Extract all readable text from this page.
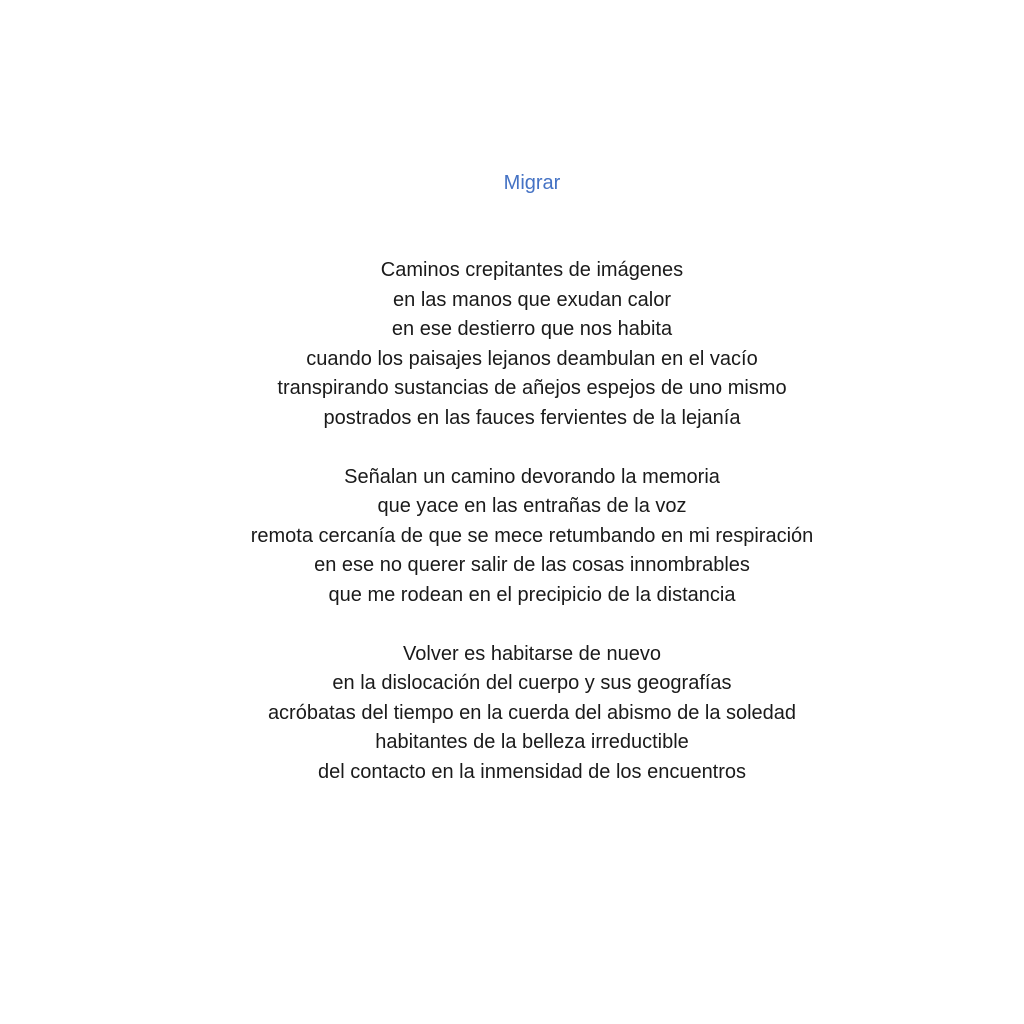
Migrar
Caminos crepitantes de imágenes
en las manos que exudan calor
en ese destierro que nos habita
cuando los paisajes lejanos deambulan en el vacío
transpirando sustancias de añejos espejos de uno mismo
postrados en las fauces fervientes de la lejanía
Señalan un camino devorando la memoria
que yace en las entrañas de la voz
remota cercanía de que se mece retumbando en mi respiración
en ese no querer salir de las cosas innombrables
que me rodean en el precipicio de la distancia
Volver es habitarse de nuevo
en la dislocación del cuerpo y sus geografías
acróbatas del tiempo en la cuerda del abismo de la soledad
habitantes de la belleza irreductible
del contacto en la inmensidad de los encuentros
